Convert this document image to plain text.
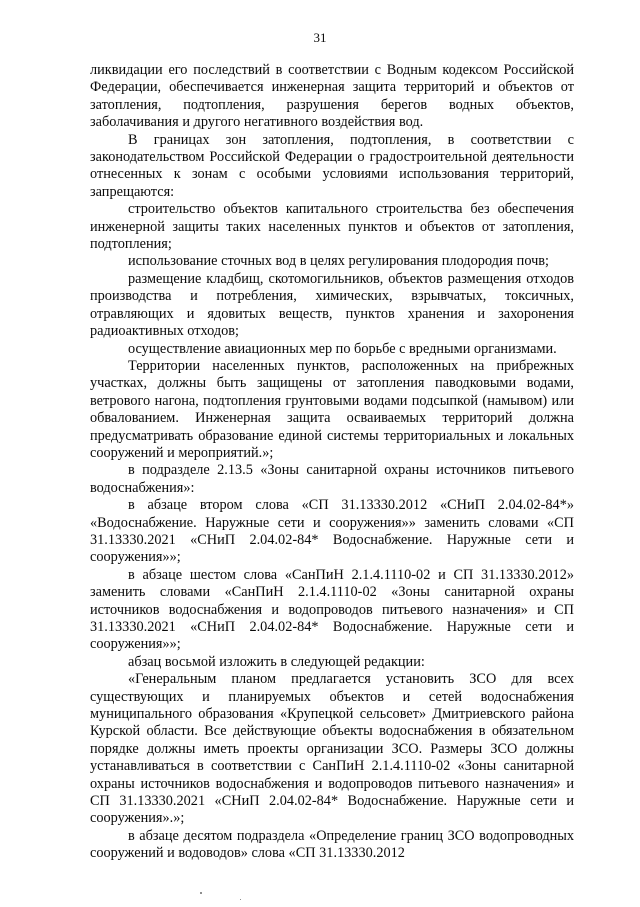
31

ликвидации его последствий в соответствии с Водным кодексом Российской Федерации, обеспечивается инженерная защита территорий и объектов от затопления, подтопления, разрушения берегов водных объектов, заболачивания и другого негативного воздействия вод.

В границах зон затопления, подтопления, в соответствии с законодательством Российской Федерации о градостроительной деятельности отнесенных к зонам с особыми условиями использования территорий, запрещаются:

строительство объектов капитального строительства без обеспечения инженерной защиты таких населенных пунктов и объектов от затопления, подтопления;

использование сточных вод в целях регулирования плодородия почв;

размещение кладбищ, скотомогильников, объектов размещения отходов производства и потребления, химических, взрывчатых, токсичных, отравляющих и ядовитых веществ, пунктов хранения и захоронения радиоактивных отходов;

осуществление авиационных мер по борьбе с вредными организмами.

Территории населенных пунктов, расположенных на прибрежных участках, должны быть защищены от затопления паводковыми водами, ветрового нагона, подтопления грунтовыми водами подсыпкой (намывом) или обвалованием. Инженерная защита осваиваемых территорий должна предусматривать образование единой системы территориальных и локальных сооружений и мероприятий.»;

в подразделе 2.13.5 «Зоны санитарной охраны источников питьевого водоснабжения»:

в абзаце втором слова «СП 31.13330.2012 «СНиП 2.04.02-84*» «Водоснабжение. Наружные сети и сооружения»» заменить словами «СП 31.13330.2021 «СНиП 2.04.02-84* Водоснабжение. Наружные сети и сооружения»»;

в абзаце шестом слова «СанПиН 2.1.4.1110-02 и СП 31.13330.2012» заменить словами «СанПиН 2.1.4.1110-02 «Зоны санитарной охраны источников водоснабжения и водопроводов питьевого назначения» и СП 31.13330.2021 «СНиП 2.04.02-84* Водоснабжение. Наружные сети и сооружения»»;

абзац восьмой изложить в следующей редакции:

«Генеральным планом предлагается установить ЗСО для всех существующих и планируемых объектов и сетей водоснабжения муниципального образования «Крупецкой сельсовет» Дмитриевского района Курской области. Все действующие объекты водоснабжения в обязательном порядке должны иметь проекты организации ЗСО. Размеры ЗСО должны устанавливаться в соответствии с СанПиН 2.1.4.1110-02 «Зоны санитарной охраны источников водоснабжения и водопроводов питьевого назначения» и СП 31.13330.2021 «СНиП 2.04.02-84* Водоснабжение. Наружные сети и сооружения».»;

в абзаце десятом подраздела «Определение границ ЗСО водопроводных сооружений и водоводов» слова «СП 31.13330.2012
